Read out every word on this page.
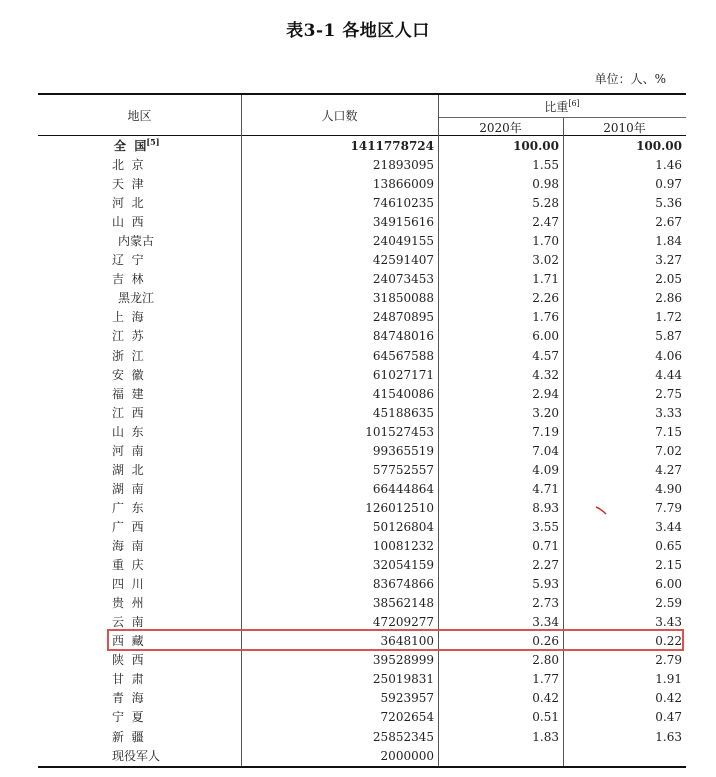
表3-1 各地区人口
单位：人、%
地区	人口数
比重[6]
2020年	2010年
全  国[5]	1411778724	100.00	100.00
北  京	21893095	1.55	1.46
天  津	13866009	0.98	0.97
河  北	74610235	5.28	5.36
山  西	34915616	2.47	2.67
内蒙古	24049155	1.70	1.84
辽  宁	42591407	3.02	3.27
吉  林	24073453	1.71	2.05
黑龙江	31850088	2.26	2.86
上  海	24870895	1.76	1.72
江  苏	84748016	6.00	5.87
浙  江	64567588	4.57	4.06
安  徽	61027171	4.32	4.44
福  建	41540086	2.94	2.75
江  西	45188635	3.20	3.33
山  东	101527453	7.19	7.15
河  南	99365519	7.04	7.02
湖  北	57752557	4.09	4.27
湖  南	66444864	4.71	4.90
广  东	126012510	8.93	7.79
广  西	50126804	3.55	3.44
海  南	10081232	0.71	0.65
重  庆	32054159	2.27	2.15
四  川	83674866	5.93	6.00
贵  州	38562148	2.73	2.59
云  南	47209277	3.34	3.43
西  藏	3648100	0.26	0.22
陕  西	39528999	2.80	2.79
甘  肃	25019831	1.77	1.91
青  海	5923957	0.42	0.42
宁  夏	7202654	0.51	0.47
新  疆	25852345	1.83	1.63
现役军人	2000000
